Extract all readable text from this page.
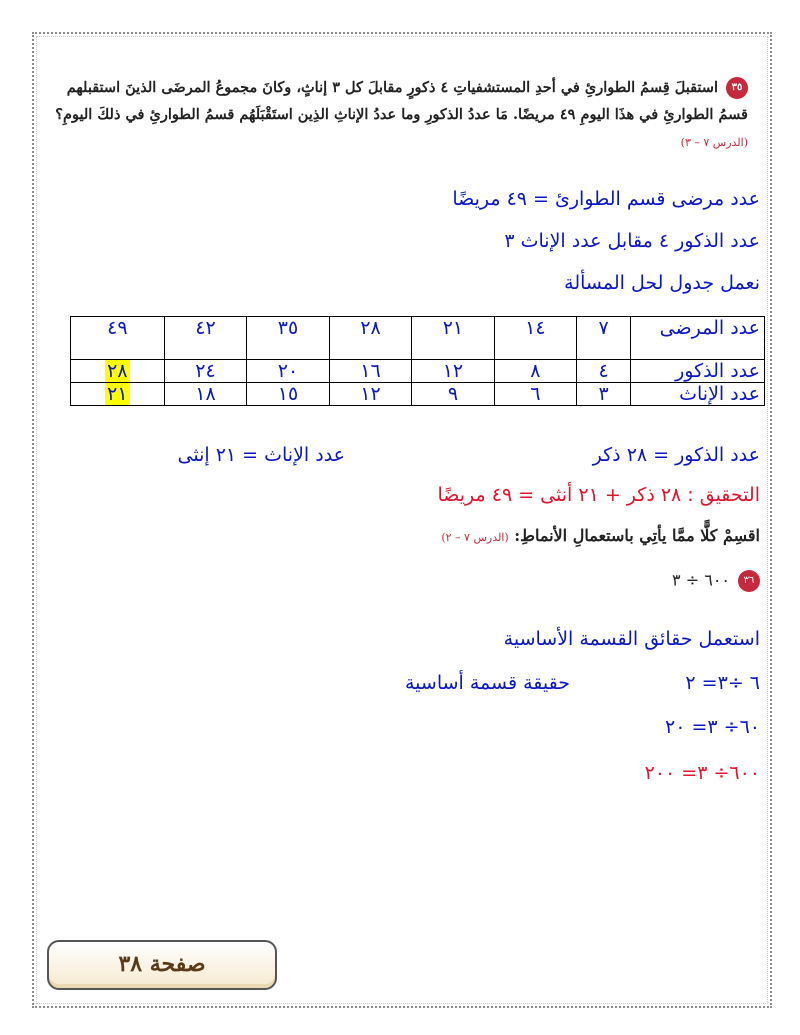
٣٥استقبلَ قِسمُ الطوارئِ في أحدِ المستشفياتِ ٤ ذكورٍ مقابلَ كل ٣ إناثٍ، وكانَ مجموعُ المرضَى الذينَ استقبلهم قسمُ الطوارئِ في هذَا اليومِ ٤٩ مريضًا. مَا عددُ الذكورِ وما عددُ الإناثِ الذِين استَقْبَلَهُم قسمُ الطوارئِ في ذلكَ اليومِ؟ (الدرس ٧ – ٣)
عدد مرضى قسم الطوارئ = ٤٩ مريضًا
عدد الذكور ٤ مقابل عدد الإناث ٣
نعمل جدول لحل المسألة
عدد المرضى	٧	١٤	٢١	٢٨	٣٥	٤٢	٤٩
عدد الذكور	٤	٨	١٢	١٦	٢٠	٢٤	٢٨
عدد الإناث	٣	٦	٩	١٢	١٥	١٨	٢١
عدد الذكور = ٢٨ ذكر
عدد الإناث = ٢١ إنثى
التحقيق : ٢٨ ذكر + ٢١ أنثى = ٤٩ مريضًا
اقسِمْ كلًّا ممَّا يأتِي باستعمالِ الأنماطِ: (الدرس ٧ – ٢)
٣٦٦٠٠ ÷ ٣
استعمل حقائق القسمة الأساسية
٦ ÷٣= ٢
حقيقة قسمة أساسية
٦٠÷ ٣= ٢٠
٦٠٠÷ ٣= ٢٠٠
صفحة ٣٨
